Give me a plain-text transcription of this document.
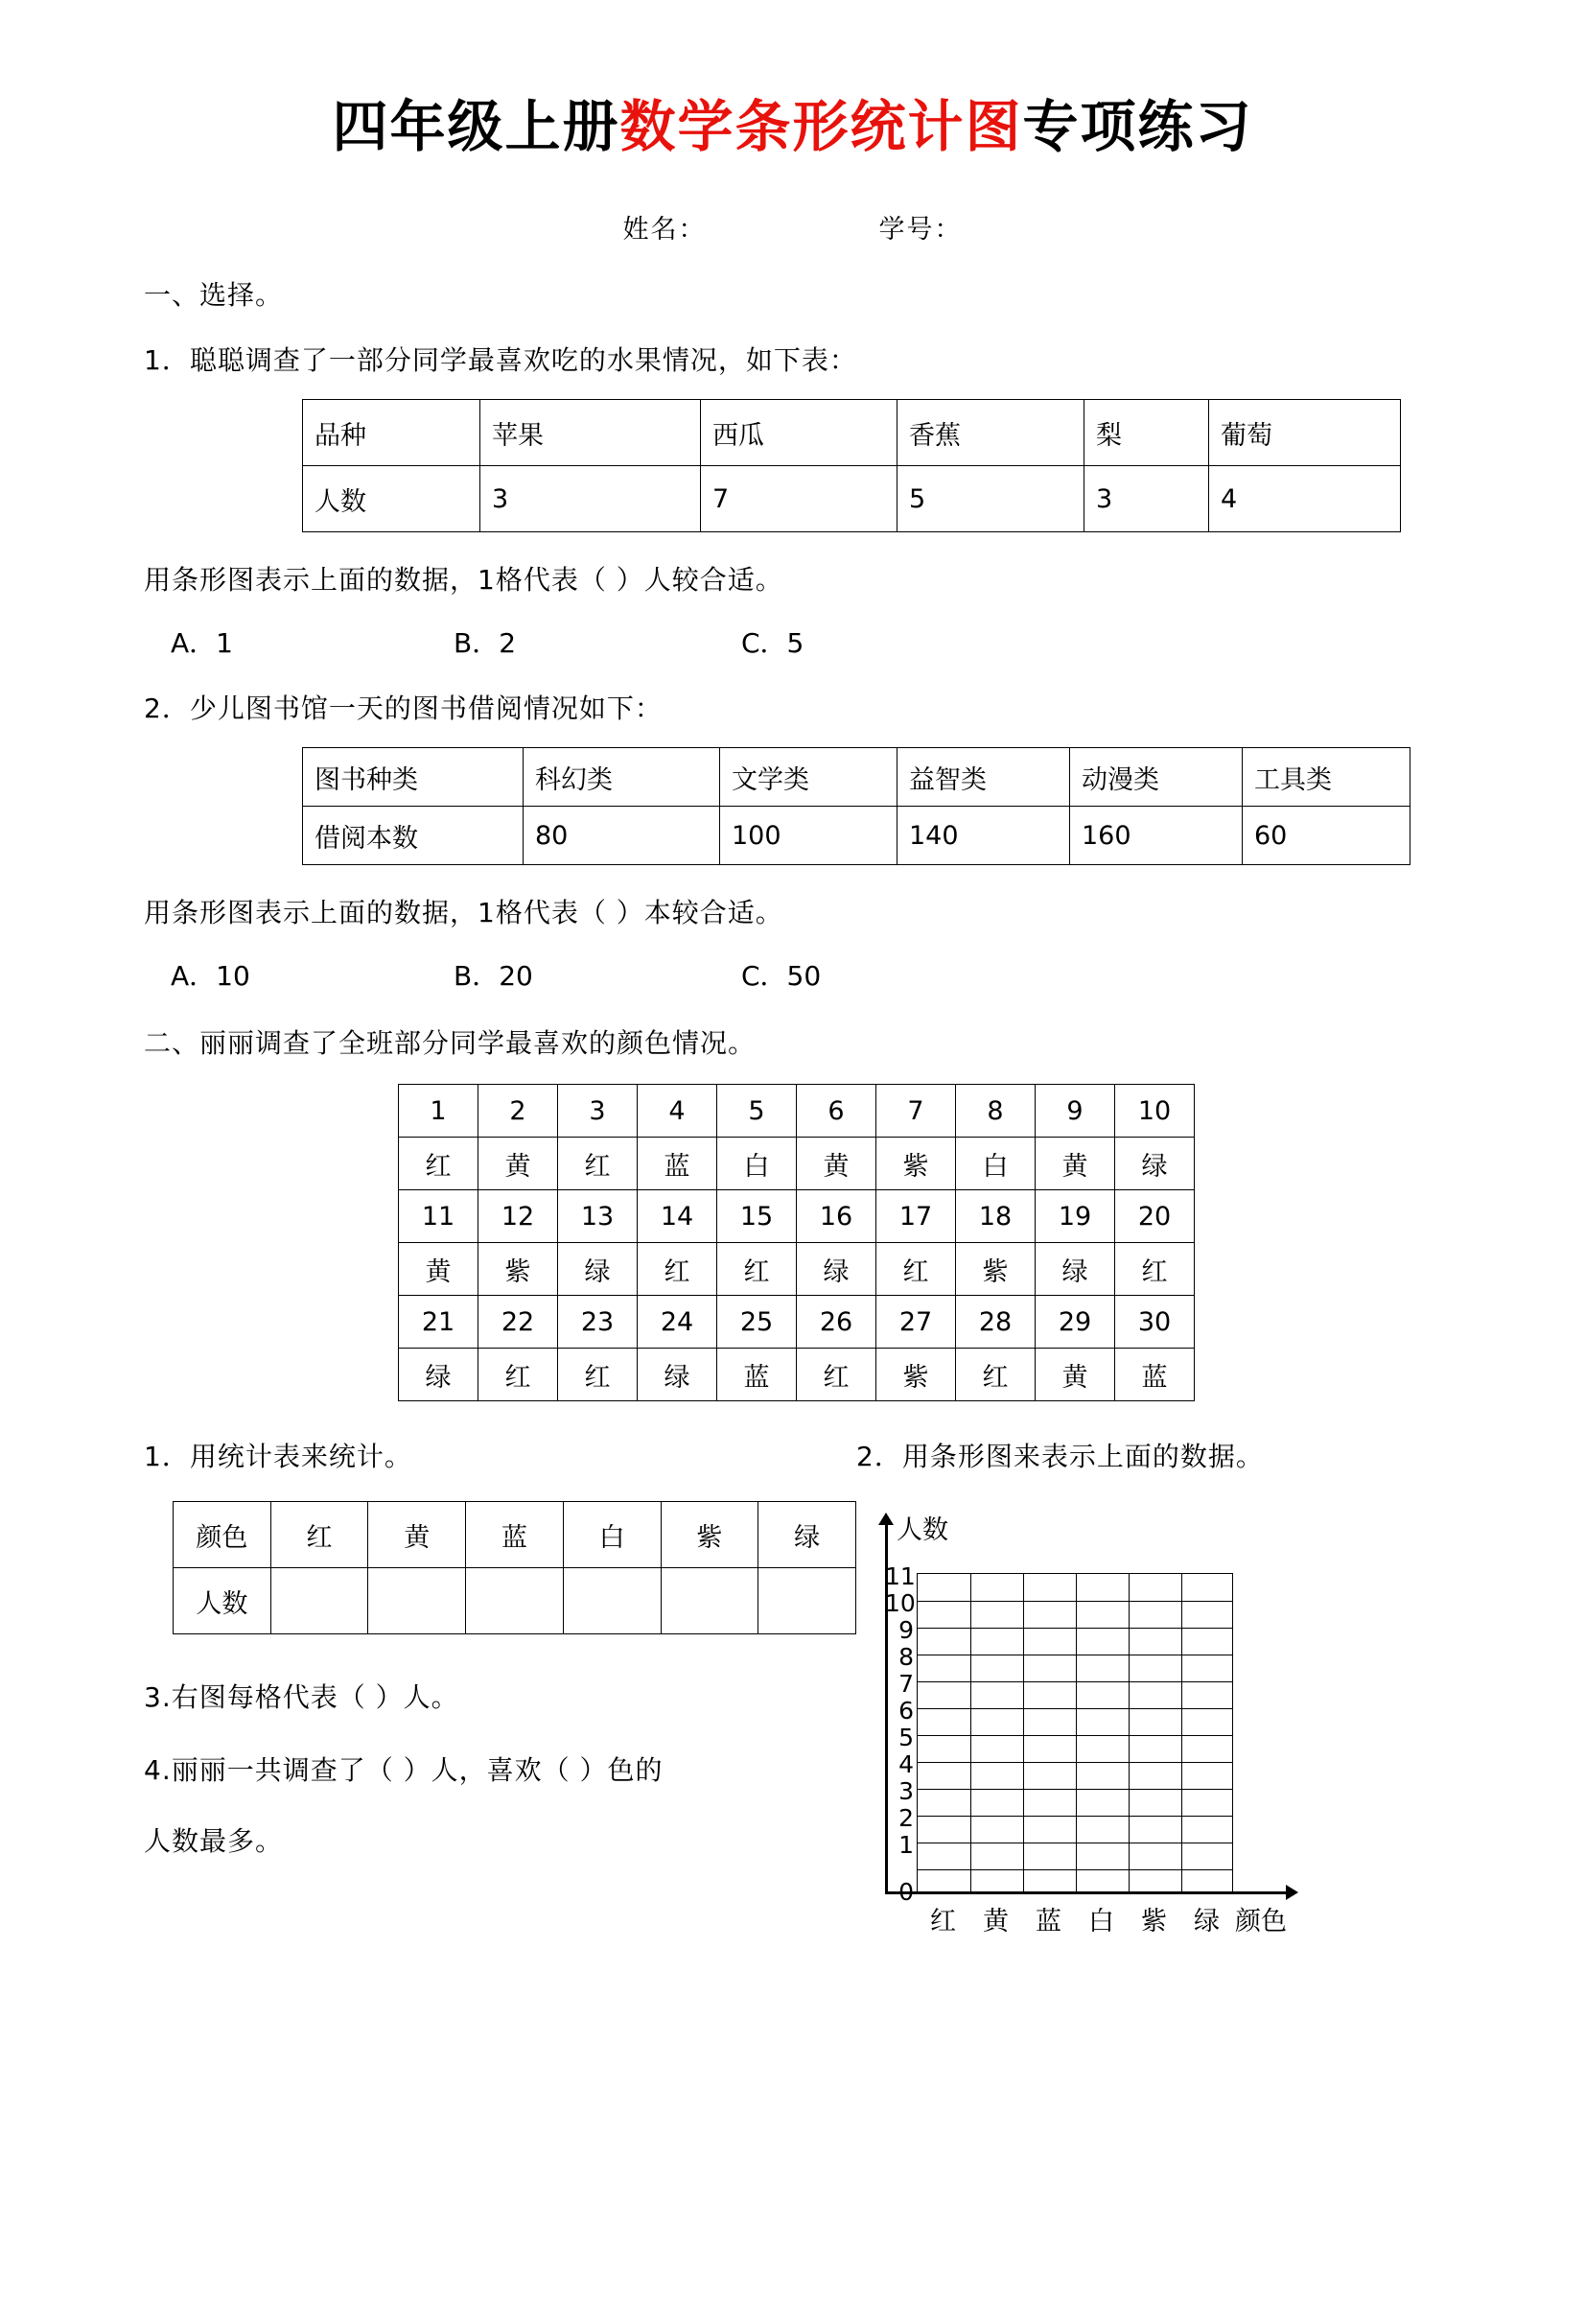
四年级上册数学条形统计图专项练习
姓名：	学号：
一、选择。
1．聪聪调查了一部分同学最喜欢吃的水果情况，如下表：
品种	苹果	西瓜	香蕉	梨	葡萄
人数	3	7	5	3	4
用条形图表示上面的数据，1格代表（ ）人较合适。
A．1	B．2	C．5
2．少儿图书馆一天的图书借阅情况如下：
图书种类	科幻类	文学类	益智类	动漫类	工具类
借阅本数	80	100	140	160	60
用条形图表示上面的数据，1格代表（ ）本较合适。
A．10	B．20	C．50
二、丽丽调查了全班部分同学最喜欢的颜色情况。
1	2	3	4	5	6	7	8	9	10
红	黄	红	蓝	白	黄	紫	白	黄	绿
11	12	13	14	15	16	17	18	19	20
黄	紫	绿	红	红	绿	红	紫	绿	红
21	22	23	24	25	26	27	28	29	30
绿	红	红	绿	蓝	红	紫	红	黄	蓝
1．用统计表来统计。
颜色	红	黄	蓝	白	紫	绿
人数						
3.右图每格代表（ ）人。
4.丽丽一共调查了（ ）人，喜欢（ ）色的
人数最多。
2．用条形图来表示上面的数据。
人数
11
10
9
8
7
6
5
4
3
2
1
0
红	黄	蓝	白	紫	绿 颜色
